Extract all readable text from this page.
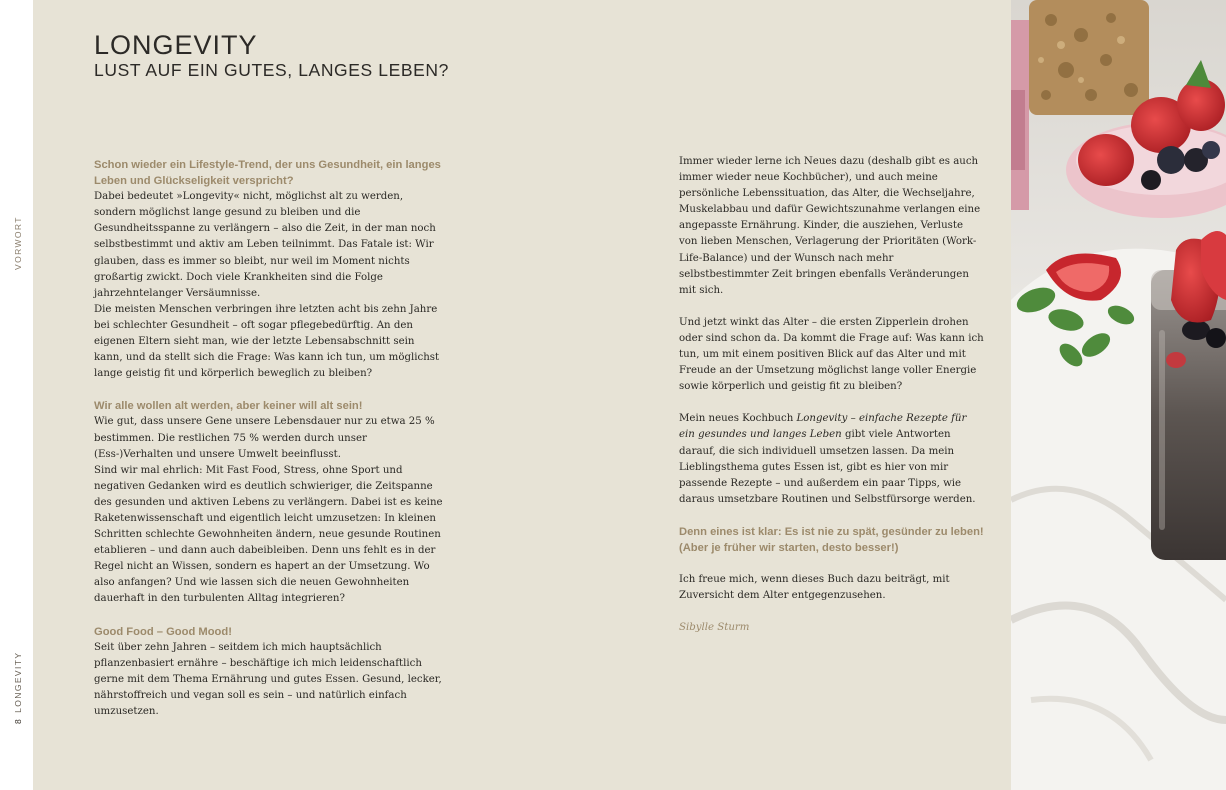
VORWORT
8LONGEVITY
LONGEVITY
LUST AUF EIN GUTES, LANGES LEBEN?
Schon wieder ein Lifestyle-Trend, der uns Gesundheit, ein langes Leben und Glückseligkeit verspricht?

Dabei bedeutet »Longevity« nicht, möglichst alt zu werden, sondern möglichst lange gesund zu bleiben und die Gesundheitsspanne zu verlängern – also die Zeit, in der man noch selbstbestimmt und aktiv am Leben teilnimmt. Das Fatale ist: Wir glauben, dass es immer so bleibt, nur weil im Moment nichts großartig zwickt. Doch viele Krankheiten sind die Folge jahrzehntelanger Versäumnisse.

Die meisten Menschen verbringen ihre letzten acht bis zehn Jahre bei schlechter Gesundheit – oft sogar pflegebedürftig. An den eigenen Eltern sieht man, wie der letzte Lebensabschnitt sein kann, und da stellt sich die Frage: Was kann ich tun, um möglichst lange geistig fit und körperlich beweglich zu bleiben?

Wir alle wollen alt werden, aber keiner will alt sein!

Wie gut, dass unsere Gene unsere Lebensdauer nur zu etwa 25 % bestimmen. Die restlichen 75 % werden durch unser (Ess-)Verhalten und unsere Umwelt beeinflusst.

Sind wir mal ehrlich: Mit Fast Food, Stress, ohne Sport und negativen Gedanken wird es deutlich schwieriger, die Zeitspanne des gesunden und aktiven Lebens zu verlängern. Dabei ist es keine Raketenwissenschaft und eigentlich leicht umzusetzen: In kleinen Schritten schlechte Gewohnheiten ändern, neue gesunde Routinen etablieren – und dann auch dabeibleiben. Denn uns fehlt es in der Regel nicht an Wissen, sondern es hapert an der Umsetzung. Wo also anfangen? Und wie lassen sich die neuen Gewohnheiten dauerhaft in den turbulenten Alltag integrieren?

Good Food – Good Mood!

Seit über zehn Jahren – seitdem ich mich hauptsächlich pflanzenbasiert ernähre – beschäftige ich mich leidenschaftlich gerne mit dem Thema Ernährung und gutes Essen. Gesund, lecker, nährstoffreich und vegan soll es sein – und natürlich einfach umzusetzen.

Immer wieder lerne ich Neues dazu (deshalb gibt es auch immer wieder neue Kochbücher), und auch meine persönliche Lebenssituation, das Alter, die Wechseljahre, Muskelabbau und dafür Gewichtszunahme verlangen eine angepasste Ernährung. Kinder, die ausziehen, Verluste von lieben Menschen, Verlagerung der Prioritäten (Work-Life-Balance) und der Wunsch nach mehr selbstbestimmter Zeit bringen ebenfalls Veränderungen mit sich.

Und jetzt winkt das Alter – die ersten Zipperlein drohen oder sind schon da. Da kommt die Frage auf: Was kann ich tun, um mit einem positiven Blick auf das Alter und mit Freude an der Umsetzung möglichst lange voller Energie sowie körperlich und geistig fit zu bleiben?

Mein neues Kochbuch Longevity – einfache Rezepte für ein gesundes und langes Leben gibt viele Antworten darauf, die sich individuell umsetzen lassen. Da mein Lieblingsthema gutes Essen ist, gibt es hier von mir passende Rezepte – und außerdem ein paar Tipps, wie daraus umsetzbare Routinen und Selbstfürsorge werden.

Denn eines ist klar: Es ist nie zu spät, gesünder zu leben!
(Aber je früher wir starten, desto besser!)

Ich freue mich, wenn dieses Buch dazu beiträgt, mit Zuversicht dem Alter entgegenzusehen.

Sibylle Sturm
